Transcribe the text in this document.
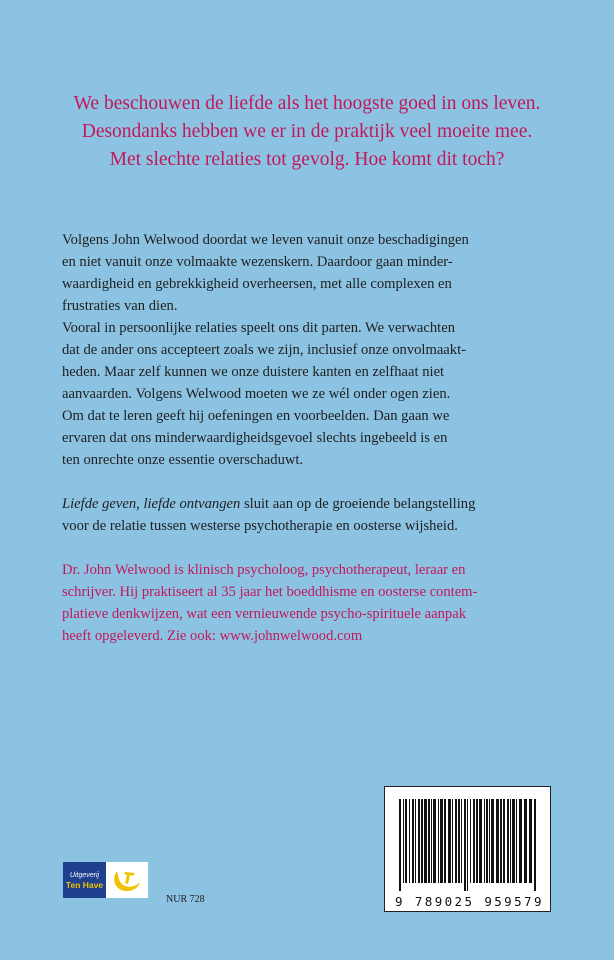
We beschouwen de liefde als het hoogste goed in ons leven.
Desondanks hebben we er in de praktijk veel moeite mee.
Met slechte relaties tot gevolg. Hoe komt dit toch?
Volgens John Welwood doordat we leven vanuit onze beschadigingen
en niet vanuit onze volmaakte wezenskern. Daardoor gaan minder-
waardigheid en gebrekkigheid overheersen, met alle complexen en
frustraties van dien.
Vooral in persoonlijke relaties speelt ons dit parten. We verwachten
dat de ander ons accepteert zoals we zijn, inclusief onze onvolmaakt-
heden. Maar zelf kunnen we onze duistere kanten en zelfhaat niet
aanvaarden. Volgens Welwood moeten we ze wél onder ogen zien.
Om dat te leren geeft hij oefeningen en voorbeelden. Dan gaan we
ervaren dat ons minderwaardigheidsgevoel slechts ingebeeld is en
ten onrechte onze essentie overschaduwt.
Liefde geven, liefde ontvangen sluit aan op de groeiende belangstelling
voor de relatie tussen westerse psychotherapie en oosterse wijsheid.
Dr. John Welwood is klinisch psycholoog, psychotherapeut, leraar en
schrijver. Hij praktiseert al 35 jaar het boeddhisme en oosterse contem-
platieve denkwijzen, wat een vernieuwende psycho-spirituele aanpak
heeft opgeleverd. Zie ook: www.johnwelwood.com
Uitgeverij
Ten Have
NUR 728	9 789025 959579
